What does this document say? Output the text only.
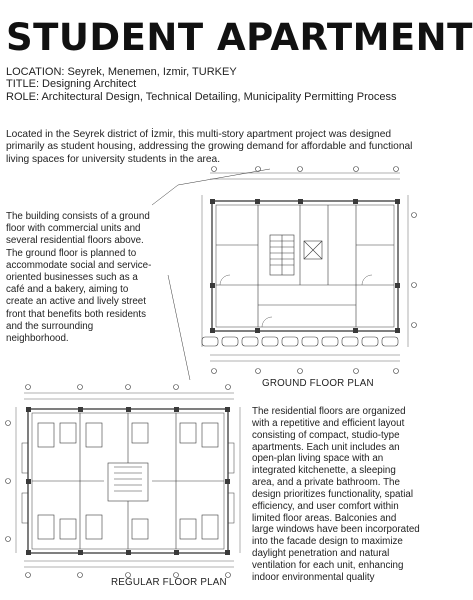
STUDENT APARTMENT
LOCATION: Seyrek, Menemen, Izmir, TURKEY
TITLE: Designing Architect
ROLE: Architectural Design, Technical Detailing, Municipality Permitting Process
Located in the Seyrek district of İzmir, this multi-story apartment project was designed primarily as student housing, addressing the growing demand for affordable and functional living spaces for university students in the area.
The building consists of a ground floor with commercial units and several residential floors above. The ground floor is planned to accommodate social and service-oriented businesses such as a café and a bakery, aiming to create an active and lively street front that benefits both residents and the surrounding neighborhood.
GROUND FLOOR PLAN
REGULAR FLOOR PLAN
The residential floors are organized with a repetitive and efficient layout consisting of compact, studio-type apartments. Each unit includes an open-plan living space with an integrated kitchenette, a sleeping area, and a private bathroom. The design prioritizes functionality, spatial efficiency, and user comfort within limited floor areas. Balconies and large windows have been incorporated into the facade design to maximize daylight penetration and natural ventilation for each unit, enhancing indoor environmental quality
